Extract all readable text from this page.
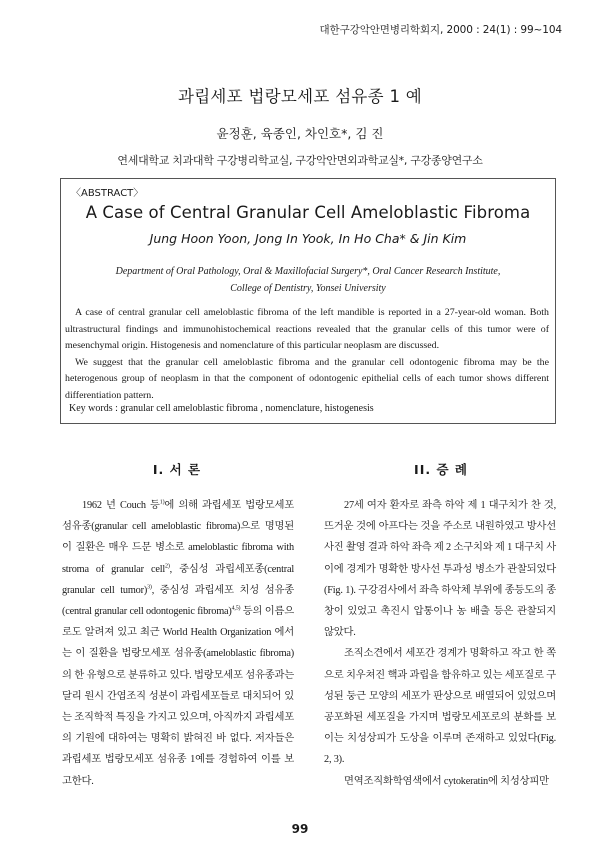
대한구강악안면병리학회지, 2000 : 24(1) : 99~104
과립세포 법랑모세포 섬유종 1 예
윤정훈, 육종인, 차인호*, 김 진
연세대학교 치과대학 구강병리학교실, 구강악안면외과학교실*, 구강종양연구소
〈ABSTRACT〉
A Case of Central Granular Cell Ameloblastic Fibroma
Jung Hoon Yoon, Jong In Yook, In Ho Cha* & Jin Kim
Department of Oral Pathology, Oral & Maxillofacial Surgery*, Oral Cancer Research Institute,
College of Dentistry, Yonsei University

A case of central granular cell ameloblastic fibroma of the left mandible is reported in a 27-year-old woman. Both ultrastructural findings and immunohistochemical reactions revealed that the granular cells of this tumor were of mesenchymal origin. Histogenesis and nomenclature of this particular neoplasm are discussed.

We suggest that the granular cell ameloblastic fibroma and the granular cell odontogenic fibroma may be the heterogenous group of neoplasm in that the component of odontogenic epithelial cells of each tumor shows different differentiation pattern.

Key words : granular cell ameloblastic fibroma , nomenclature, histogenesis
I. 서 론	II. 증 례

1962 년 Couch 등$^{1)}$에 의해 과립세포 법랑모세포 섬유종(granular cell ameloblastic fibroma)으로 명명된 이 질환은 매우 드문 병소로 ameloblastic fibroma with stroma of granular cell$^{2)}$, 중심성 과립세포종(central granular cell tumor)$^{3)}$, 중심성 과립세포 치성 섬유종(central granular cell odontogenic fibroma)$^{4,5)}$ 등의 이름으로도 알려져 있고 최근 World Health Organization 에서는 이 질환을 법랑모세포 섬유종(ameloblastic fibroma)의 한 유형으로 분류하고 있다. 법랑모세포 섬유종과는 달리 원시 간엽조직 성분이 과립세포들로 대치되어 있는 조직학적 특징을 가지고 있으며, 아직까지 과립세포의 기원에 대하여는 명확히 밝혀진 바 없다. 저자들은 과립세포 법랑모세포 섬유종 1예를 경험하여 이를 보고한다.

27세 여자 환자로 좌측 하악 제 1 대구치가 찬 것, 뜨거운 것에 아프다는 것을 주소로 내원하였고 방사선 사진 촬영 결과 하악 좌측 제 2 소구치와 제 1 대구치 사이에 경계가 명확한 방사선 투과성 병소가 관찰되었다(Fig. 1). 구강검사에서 좌측 하악체 부위에 종등도의 종창이 있었고 촉진시 압통이나 농 배출 등은 관찰되지 않았다.

조직소견에서 세포간 경계가 명확하고 작고 한 쪽으로 치우쳐진 핵과 과립을 함유하고 있는 세포질로 구성된 둥근 모양의 세포가 판상으로 배열되어 있었으며 공포화된 세포질을 가지며 법랑모세포로의 분화를 보이는 치성상피가 도상을 이루며 존재하고 있었다(Fig. 2, 3).

면역조직화학염색에서 cytokeratin에 치성상피만

99
